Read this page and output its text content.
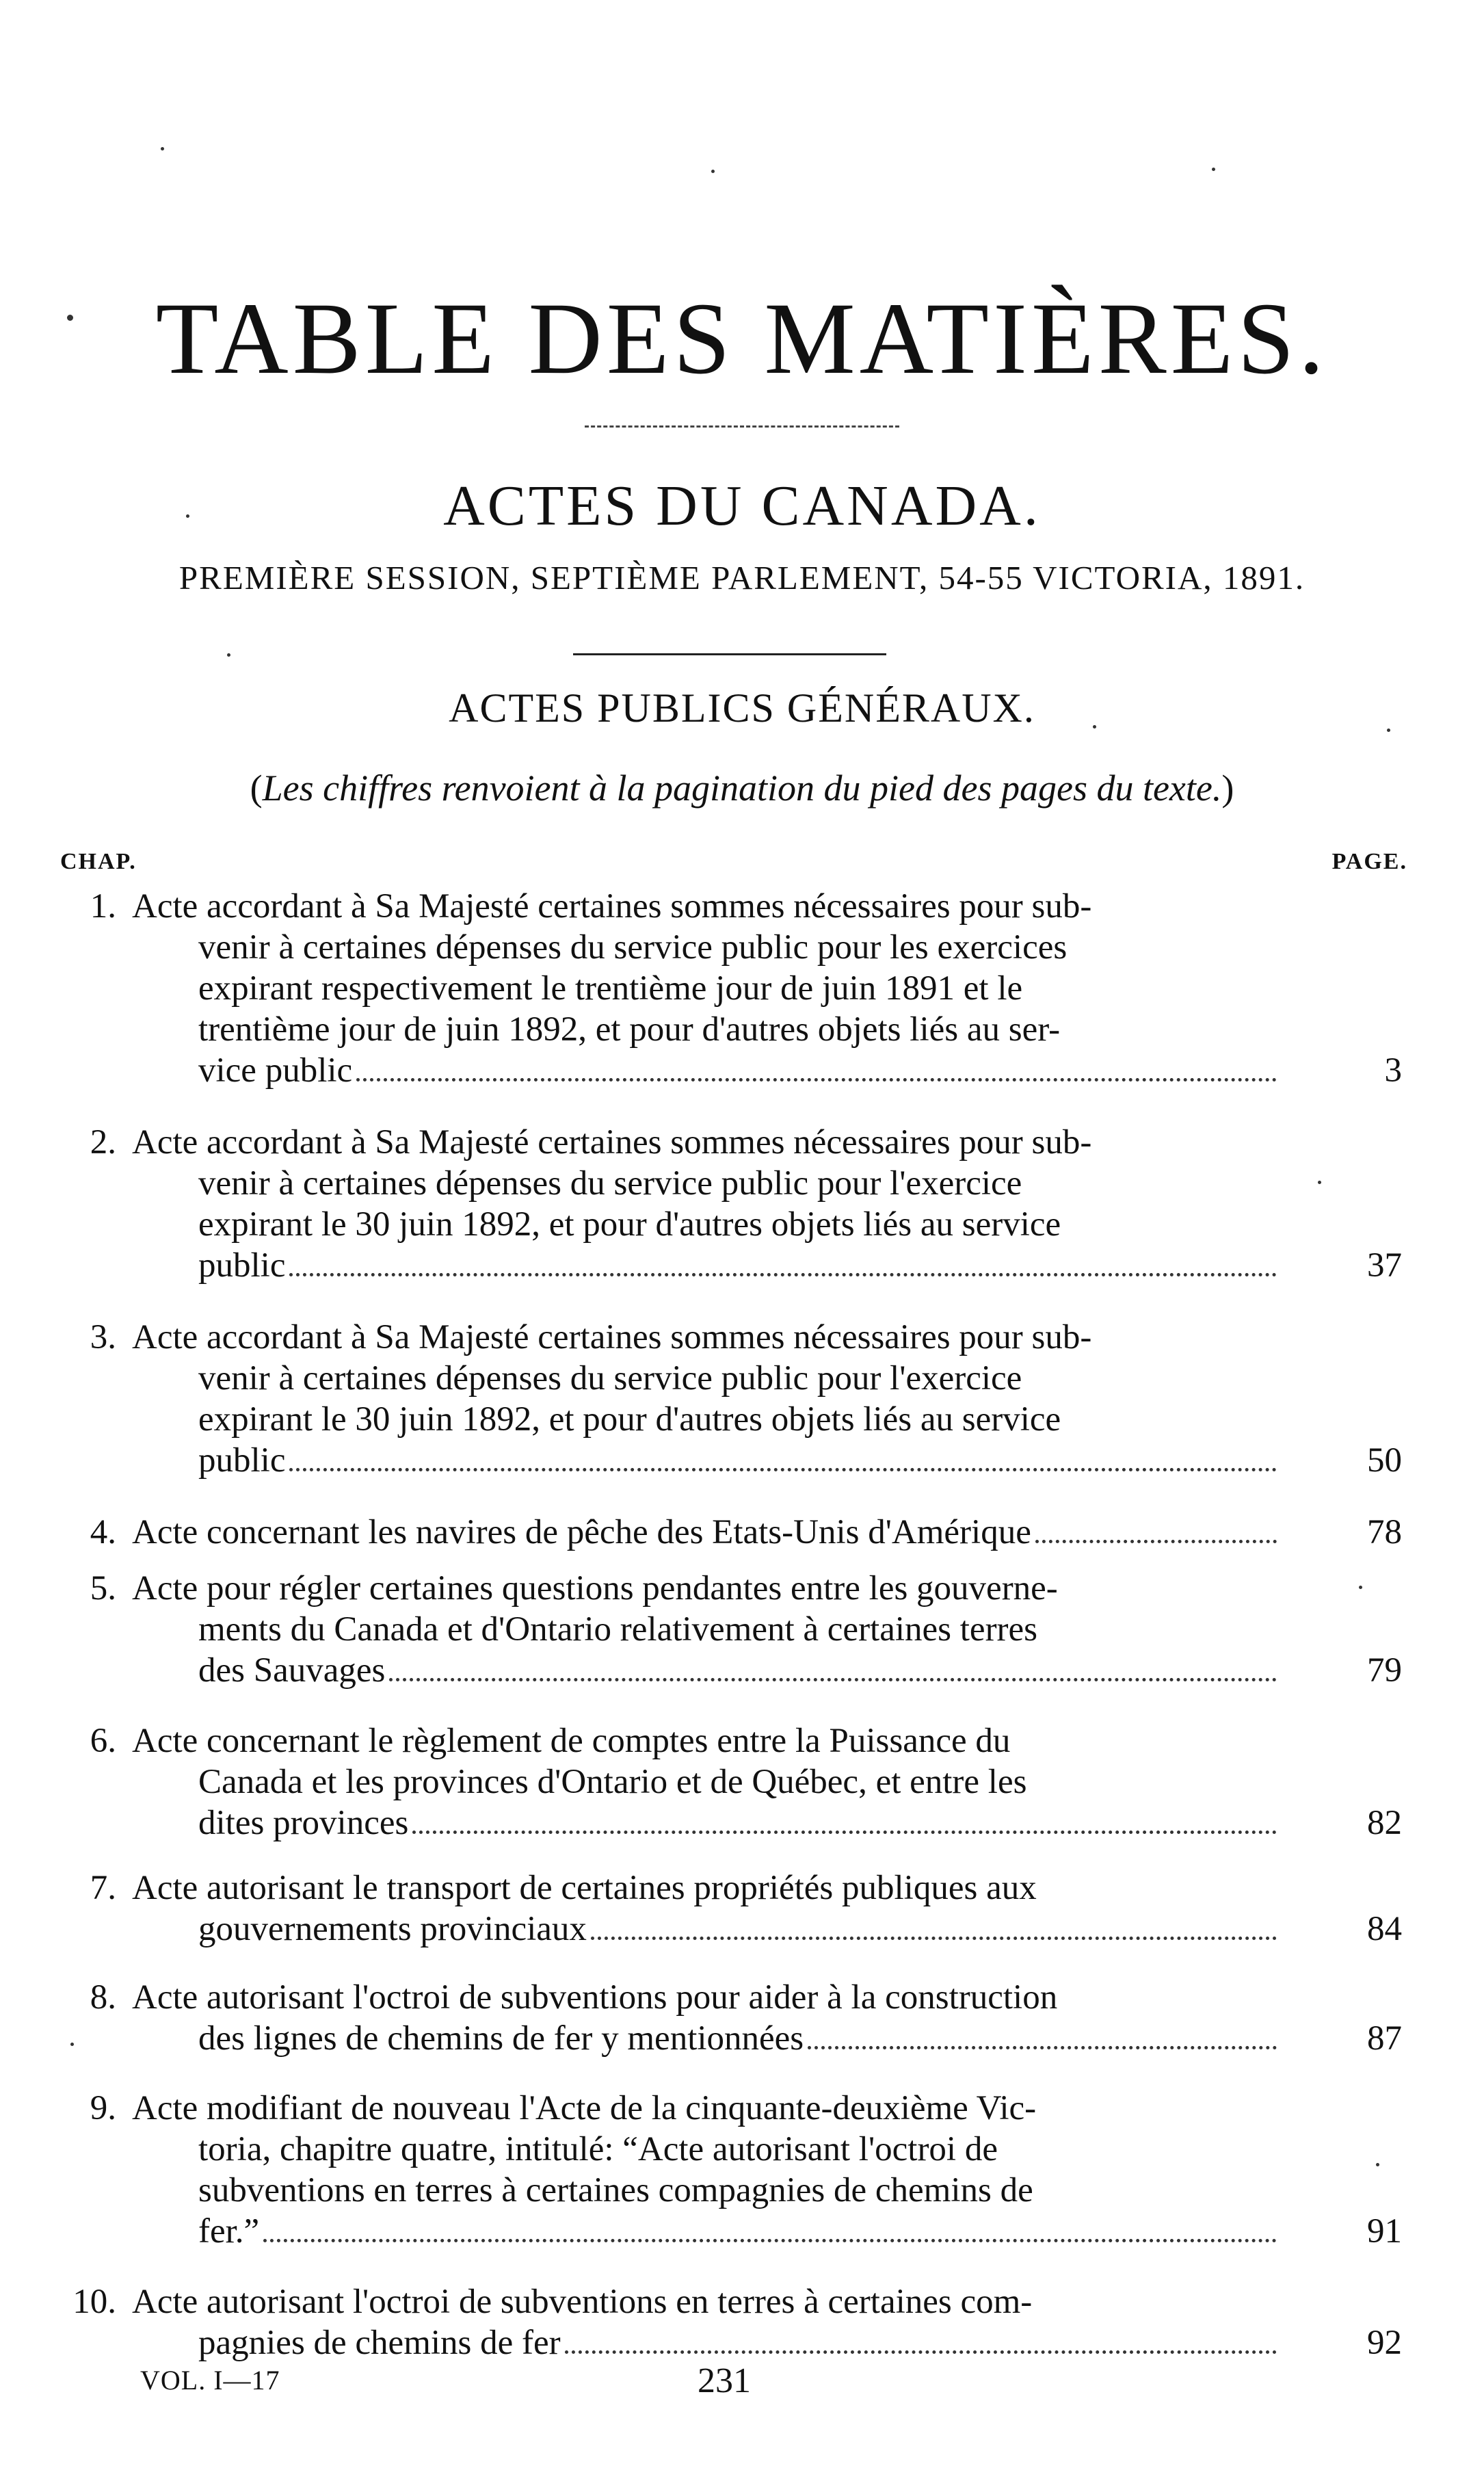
TABLE DES MATIÈRES.
ACTES DU CANADA.
PREMIÈRE SESSION, SEPTIÈME PARLEMENT, 54-55 VICTORIA, 1891.
ACTES PUBLICS GÉNÉRAUX.
(Les chiffres renvoient à la pagination du pied des pages du texte.)
CHAP.	PAGE.
1. Acte accordant à Sa Majesté certaines sommes nécessaires pour sub-
venir à certaines dépenses du service public pour les exercices
expirant respectivement le trentième jour de juin 1891 et le
trentième jour de juin 1892, et pour d'autres objets liés au ser-
vice public	3
2. Acte accordant à Sa Majesté certaines sommes nécessaires pour sub-
venir à certaines dépenses du service public pour l'exercice
expirant le 30 juin 1892, et pour d'autres objets liés au service
public	37
3. Acte accordant à Sa Majesté certaines sommes nécessaires pour sub-
venir à certaines dépenses du service public pour l'exercice
expirant le 30 juin 1892, et pour d'autres objets liés au service
public	50
4. Acte concernant les navires de pêche des Etats-Unis d'Amérique	78
5. Acte pour régler certaines questions pendantes entre les gouverne-
ments du Canada et d'Ontario relativement à certaines terres
des Sauvages	79
6. Acte concernant le règlement de comptes entre la Puissance du
Canada et les provinces d'Ontario et de Québec, et entre les
dites provinces	82
7. Acte autorisant le transport de certaines propriétés publiques aux
gouvernements provinciaux	84
8. Acte autorisant l'octroi de subventions pour aider à la construction
des lignes de chemins de fer y mentionnées	87
9. Acte modifiant de nouveau l'Acte de la cinquante-deuxième Vic-
toria, chapitre quatre, intitulé: “Acte autorisant l'octroi de
subventions en terres à certaines compagnies de chemins de
fer.”	91
10. Acte autorisant l'octroi de subventions en terres à certaines com-
pagnies de chemins de fer	92
VOL. I—17	231
